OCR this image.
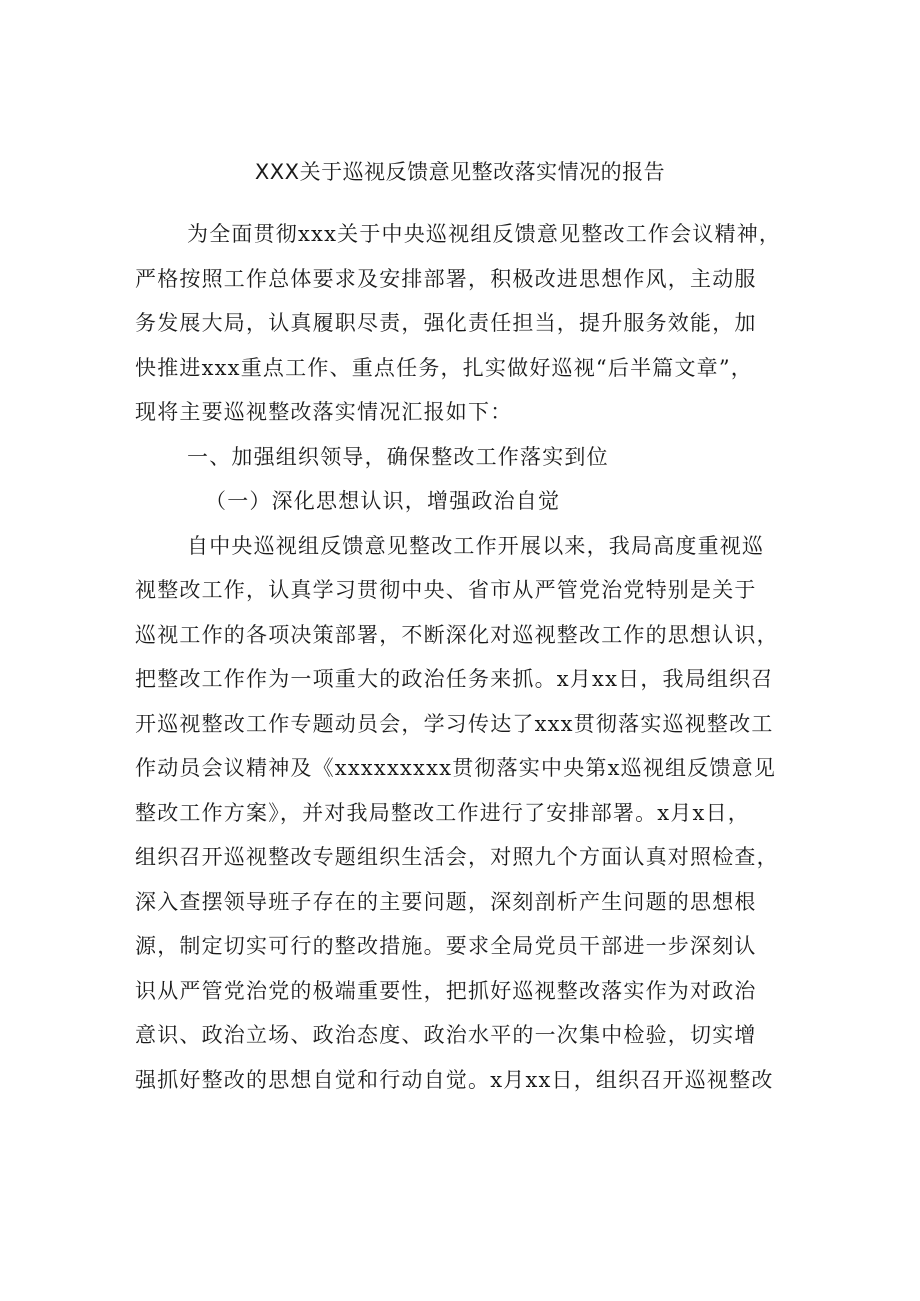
XXX关于巡视反馈意见整改落实情况的报告
为全面贯彻xxx关于中央巡视组反馈意见整改工作会议精神，
严格按照工作总体要求及安排部署，积极改进思想作风，主动服
务发展大局，认真履职尽责，强化责任担当，提升服务效能，加
快推进xxx重点工作、重点任务，扎实做好巡视“后半篇文章”，
现将主要巡视整改落实情况汇报如下：
一、加强组织领导，确保整改工作落实到位
（一）深化思想认识，增强政治自觉
自中央巡视组反馈意见整改工作开展以来，我局高度重视巡
视整改工作，认真学习贯彻中央、省市从严管党治党特别是关于
巡视工作的各项决策部署，不断深化对巡视整改工作的思想认识，
把整改工作作为一项重大的政治任务来抓。x月xx日，我局组织召
开巡视整改工作专题动员会，学习传达了xxx贯彻落实巡视整改工
作动员会议精神及《xxxxxxxxx贯彻落实中央第x巡视组反馈意见
整改工作方案》，并对我局整改工作进行了安排部署。x月x日，
组织召开巡视整改专题组织生活会，对照九个方面认真对照检查，
深入查摆领导班子存在的主要问题，深刻剖析产生问题的思想根
源，制定切实可行的整改措施。要求全局党员干部进一步深刻认
识从严管党治党的极端重要性，把抓好巡视整改落实作为对政治
意识、政治立场、政治态度、政治水平的一次集中检验，切实增
强抓好整改的思想自觉和行动自觉。x月xx日，组织召开巡视整改
